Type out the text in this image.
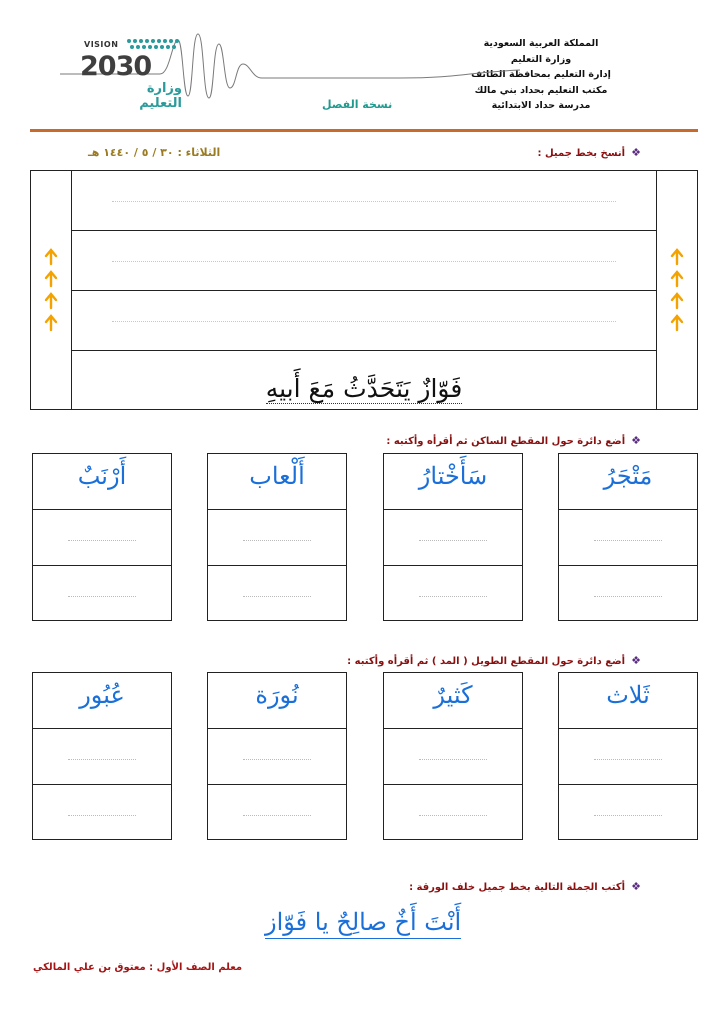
المملكة العربية السعودية
وزارة التعليم
إدارة التعليم بمحافظة الطائف
مكتب التعليم بحداد بني مالك
مدرسة حداد الابتدائية
VISION
2030
وزارة التعليم	نسخة الفصل
❖أنسخ بخط جميل :
الثلاثاء : ٣٠ / ٥ / ١٤٤٠ هـ
فَوّازٌ يَتَحَدَّثُ مَعَ أَبيهِ
❖أضع دائرة حول المقطع الساكن ثم أقرأه وأكتبه :
مَتْجَرُ
سَأَخْتارُ
أَلْعاب
أَرْنَبٌ
❖أضع دائرة حول المقطع الطويل ( المد ) ثم أقرأه وأكتبه :
ثَلاث
كَثيرٌ
نُورَة
عُبُور
❖أكتب الجملة التالية بخط جميل خلف الورقة :
أَنْتَ أَخٌ صالِحٌ يا فَوّاز
معلم الصف الأول : معتوق بن علي المالكي
